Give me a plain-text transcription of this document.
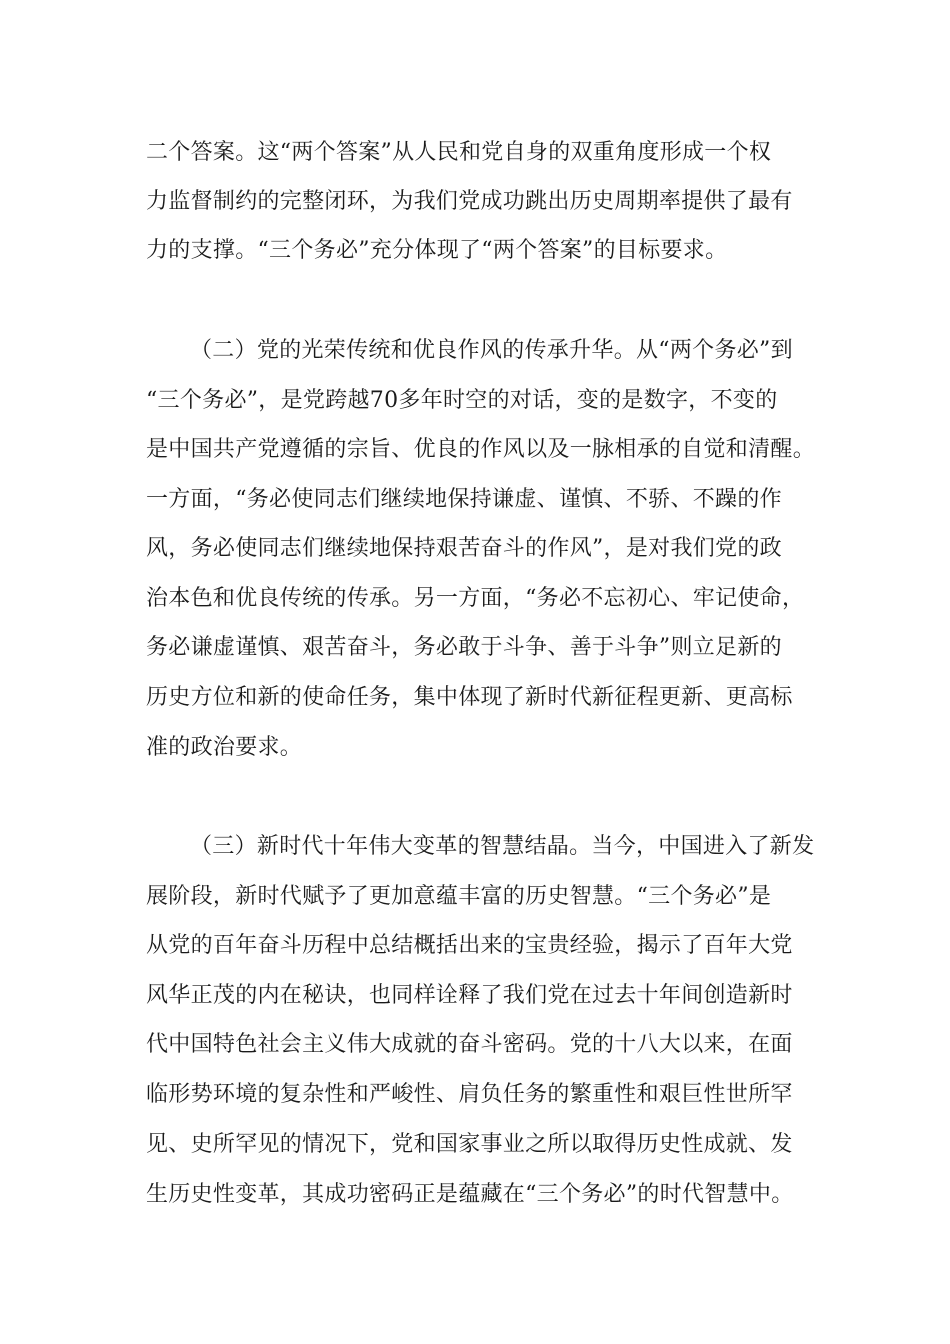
二个答案。这“两个答案”从人民和党自身的双重角度形成一个权
力监督制约的完整闭环，为我们党成功跳出历史周期率提供了最有
力的支撑。“三个务必”充分体现了“两个答案”的目标要求。
（二）党的光荣传统和优良作风的传承升华。从“两个务必”到
“三个务必”，是党跨越70多年时空的对话，变的是数字，不变的
是中国共产党遵循的宗旨、优良的作风以及一脉相承的自觉和清醒。
一方面，“务必使同志们继续地保持谦虚、谨慎、不骄、不躁的作
风，务必使同志们继续地保持艰苦奋斗的作风”，是对我们党的政
治本色和优良传统的传承。另一方面，“务必不忘初心、牢记使命，
务必谦虚谨慎、艰苦奋斗，务必敢于斗争、善于斗争”则立足新的
历史方位和新的使命任务，集中体现了新时代新征程更新、更高标
准的政治要求。
（三）新时代十年伟大变革的智慧结晶。当今，中国进入了新发
展阶段，新时代赋予了更加意蕴丰富的历史智慧。“三个务必”是
从党的百年奋斗历程中总结概括出来的宝贵经验，揭示了百年大党
风华正茂的内在秘诀，也同样诠释了我们党在过去十年间创造新时
代中国特色社会主义伟大成就的奋斗密码。党的十八大以来，在面
临形势环境的复杂性和严峻性、肩负任务的繁重性和艰巨性世所罕
见、史所罕见的情况下，党和国家事业之所以取得历史性成就、发
生历史性变革，其成功密码正是蕴藏在“三个务必”的时代智慧中。
